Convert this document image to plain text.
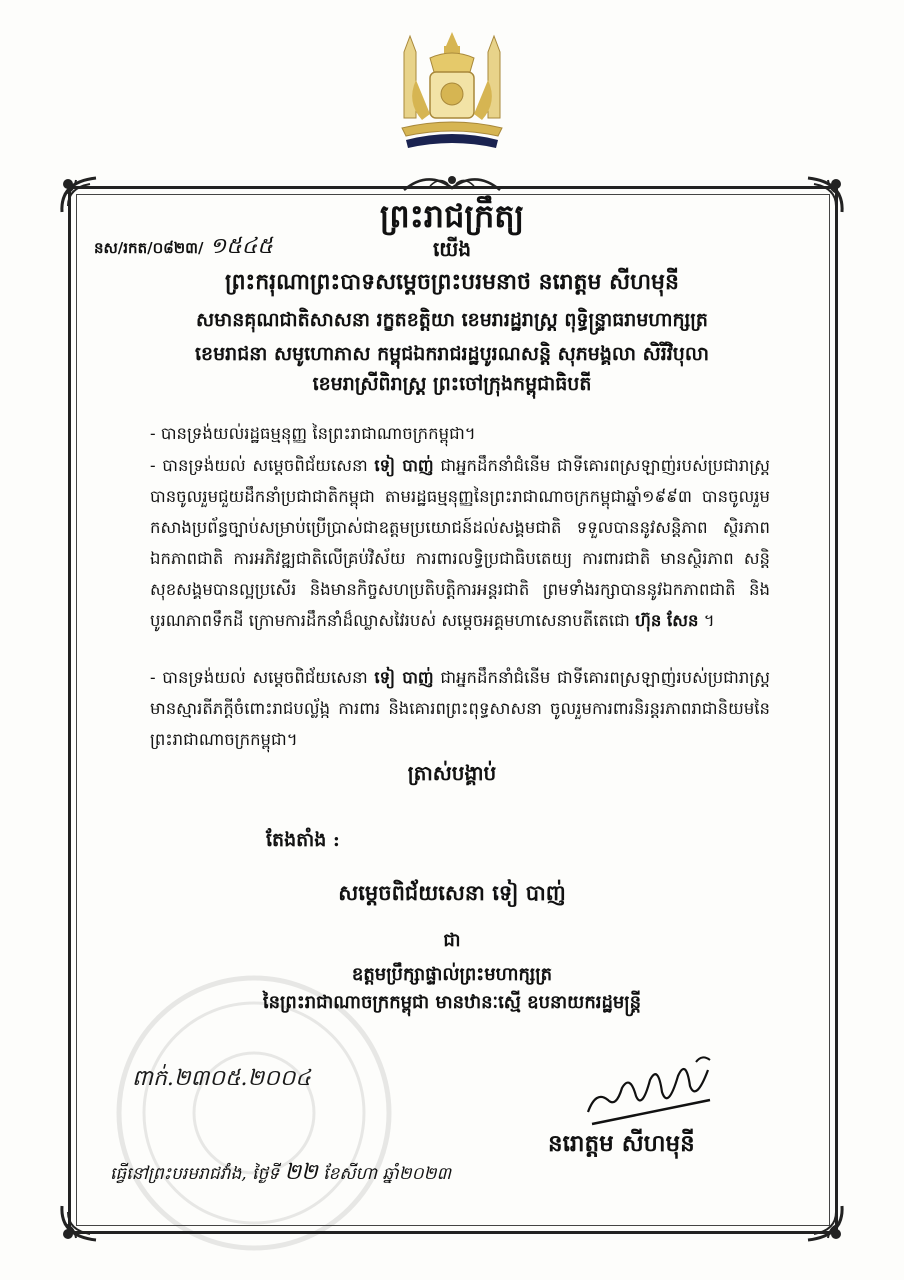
ព្រះរាជក្រឹត្យ
នស/រកត/០៨២៣/ ១៥៤៥	យើង
ព្រះករុណាព្រះបាទសម្តេចព្រះបរមនាថ នរោត្តម សីហមុនី
សមានគុណជាតិសាសនា រក្ខតខត្តិយា ខេមរារដ្ឋរាស្ត្រ ពុទ្ធិន្ទ្រាធរាមហាក្សត្រ
ខេមរាជនា សមូហោភាស កម្ពុជឯករាជរដ្ឋបូរណសន្តិ សុភមង្គលា សិរីវិបុលា
ខេមរាស្រីពិរាស្ត្រ ព្រះចៅក្រុងកម្ពុជាធិបតី
- បានទ្រង់យល់រដ្ឋធម្មនុញ្ញ នៃព្រះរាជាណាចក្រកម្ពុជា។
- បានទ្រង់យល់ សម្តេចពិជ័យសេនា ទៀ បាញ់ ជាអ្នកដឹកនាំជំនើម ជាទីគោរពស្រឡាញ់របស់ប្រជារាស្ត្រ បានចូលរួមជួយដឹកនាំប្រជាជាតិកម្ពុជា តាមរដ្ឋធម្មនុញ្ញនៃព្រះរាជាណាចក្រកម្ពុជាឆ្នាំ១៩៩៣ បានចូលរួមកសាងប្រព័ន្ធច្បាប់សម្រាប់ប្រើប្រាស់ជាឧត្តមប្រយោជន៍ដល់សង្គមជាតិ ទទួលបាននូវសន្តិភាព ស្ថិរភាព ឯកភាពជាតិ ការអភិវឌ្ឍជាតិលើគ្រប់វិស័យ ការពារលទ្ធិប្រជាធិបតេយ្យ ការពារជាតិ មានស្ថិរភាព សន្តិសុខសង្គមបានល្អប្រសើរ និងមានកិច្ចសហប្រតិបត្តិការអន្តរជាតិ ព្រមទាំងរក្សាបាននូវឯកភាពជាតិ និងបូរណភាពទឹកដី ក្រោមការដឹកនាំដ៏ឈ្លាសវៃរបស់ សម្តេចអគ្គមហាសេនាបតីតេជោ ហ៊ុន សែន ។
- បានទ្រង់យល់ សម្តេចពិជ័យសេនា ទៀ បាញ់ ជាអ្នកដឹកនាំជំនើម ជាទីគោរពស្រឡាញ់របស់ប្រជារាស្ត្រ មានស្មារតីភក្តីចំពោះរាជបល្ល័ង្ក ការពារ និងគោរពព្រះពុទ្ធសាសនា ចូលរួមការពារនិរន្តរភាពរាជានិយមនៃព្រះរាជាណាចក្រកម្ពុជា។
ត្រាស់បង្គាប់
តែងតាំង :
សម្តេចពិជ័យសេនា ទៀ បាញ់
ជា
ឧត្តមប្រឹក្សាផ្ទាល់ព្រះមហាក្សត្រ
នៃព្រះរាជាណាចក្រកម្ពុជា មានឋានៈស្មើ ឧបនាយករដ្ឋមន្ត្រី
ពាក់.២៣០៥.២០០៤
នរោត្តម សីហមុនី
ធ្វើនៅព្រះបរមរាជវាំង, ថ្ងៃទី ២២ ខែសីហា ឆ្នាំ២០២៣
